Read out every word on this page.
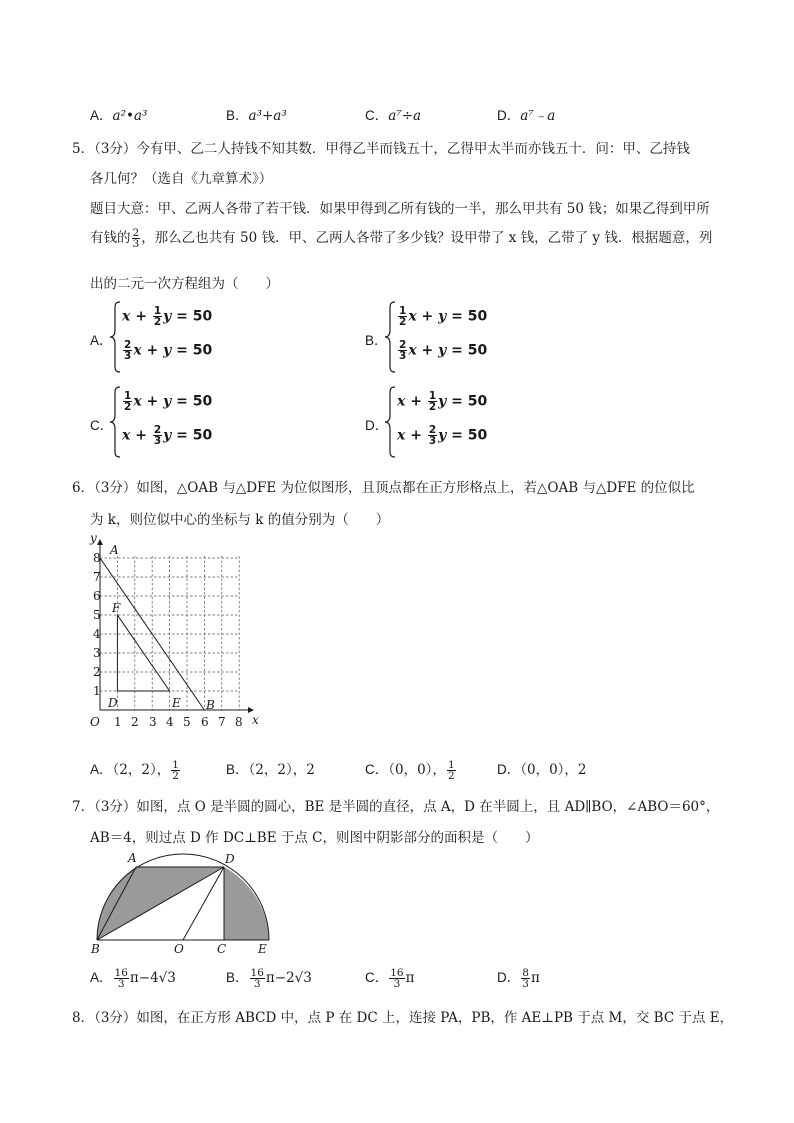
A．a²•a³	B．a³+a³	C．a⁷÷a	D．a⁷﹣a
5．（3分）今有甲、乙二人持钱不知其数．甲得乙半而钱五十，乙得甲太半而亦钱五十．问：甲、乙持钱
各几何？（选自《九章算术》）
题目大意：甲、乙两人各带了若干钱．如果甲得到乙所有钱的一半，那么甲共有 50 钱；如果乙得到甲所
有钱的 $\frac{2}{3}$ ，那么乙也共有 50 钱．甲、乙两人各带了多少钱？设甲带了 x 钱，乙带了 y 钱．根据题意，列
出的二元一次方程组为（　　）
A．
$x + \frac{1}{2}$ y = 50
$\frac{2}{3}$ x + y = 50
B．
$\frac{1}{2}$ x + y = 50
$\frac{2}{3}$ x + y = 50
C．
$\frac{1}{2}$ x + y = 50
$x + \frac{2}{3}$ y = 50
D．
$x + \frac{1}{2}$ y = 50
$x + \frac{2}{3}$ y = 50
6．（3分）如图，△OAB 与△DFE 为位似图形，且顶点都在正方形格点上，若△OAB 与△DFE 的位似比
为 k，则位似中心的坐标与 k 的值分别为（　　）
y
x
O
1
2
3
4
5
6
7
8
1 2 3 4 5 6 7 8
A
F
D	E B
A．（2，2）， $\frac{1}{2}$	B．（2，2），2	C．（0，0）， $\frac{1}{2}$	D．（0，0），2
7．（3分）如图，点 O 是半圆的圆心，BE 是半圆的直径，点 A，D 在半圆上，且 AD∥BO，∠ABO＝60°，
AB＝4，则过点 D 作 DC⊥BE 于点 C，则图中阴影部分的面积是（　　）
A	D
B	O	C	E
A． $\frac{16}{3} \pi-4√3$	B． $\frac{16}{3} \pi-2√3$	C． $\frac{16}{3}$ π	D． $\frac{8}{3}$ π
8．（3分）如图，在正方形 ABCD 中，点 P 在 DC 上，连接 PA，PB，作 AE⊥PB 于点 M，交 BC 于点 E，
